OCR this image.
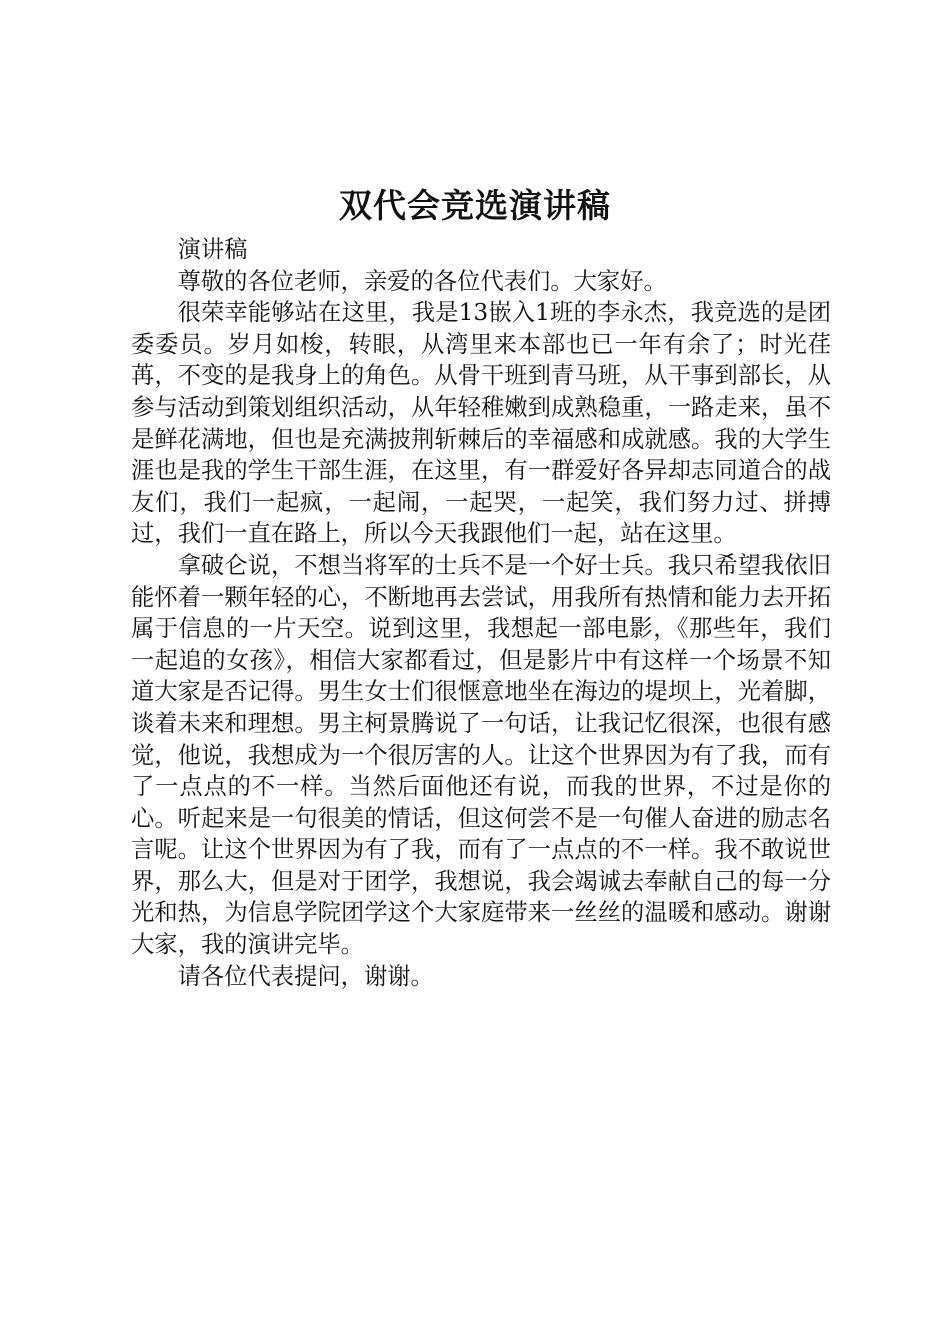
双代会竞选演讲稿

演讲稿

尊敬的各位老师，亲爱的各位代表们。大家好。

很荣幸能够站在这里，我是13嵌入1班的李永杰，我竞选的是团委委员。岁月如梭，转眼，从湾里来本部也已一年有余了；时光荏苒，不变的是我身上的角色。从骨干班到青马班，从干事到部长，从参与活动到策划组织活动，从年轻稚嫩到成熟稳重，一路走来，虽不是鲜花满地，但也是充满披荆斩棘后的幸福感和成就感。我的大学生涯也是我的学生干部生涯，在这里，有一群爱好各异却志同道合的战友们，我们一起疯，一起闹，一起哭，一起笑，我们努力过、拼搏过，我们一直在路上，所以今天我跟他们一起，站在这里。

拿破仑说，不想当将军的士兵不是一个好士兵。我只希望我依旧能怀着一颗年轻的心，不断地再去尝试，用我所有热情和能力去开拓属于信息的一片天空。说到这里，我想起一部电影，《那些年，我们一起追的女孩》，相信大家都看过，但是影片中有这样一个场景不知道大家是否记得。男生女士们很惬意地坐在海边的堤坝上，光着脚，谈着未来和理想。男主柯景腾说了一句话，让我记忆很深，也很有感觉，他说，我想成为一个很厉害的人。让这个世界因为有了我，而有了一点点的不一样。当然后面他还有说，而我的世界，不过是你的心。听起来是一句很美的情话，但这何尝不是一句催人奋进的励志名言呢。让这个世界因为有了我，而有了一点点的不一样。我不敢说世界，那么大，但是对于团学，我想说，我会竭诚去奉献自己的每一分光和热，为信息学院团学这个大家庭带来一丝丝的温暖和感动。谢谢大家，我的演讲完毕。

请各位代表提问，谢谢。
